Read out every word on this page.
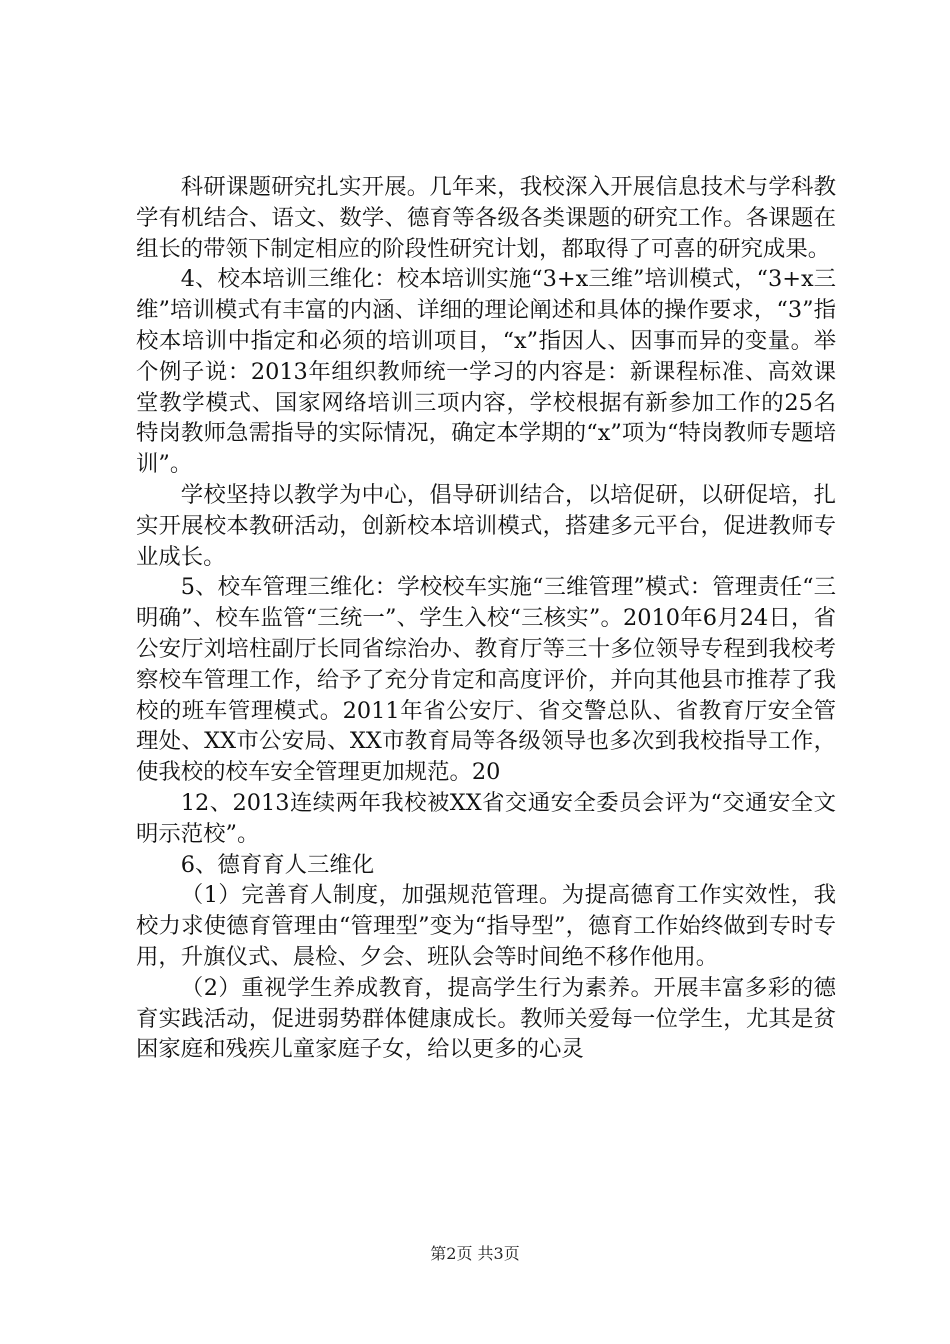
科研课题研究扎实开展。几年来，我校深入开展信息技术与学科教学有机结合、语文、数学、德育等各级各类课题的研究工作。各课题在组长的带领下制定相应的阶段性研究计划，都取得了可喜的研究成果。

4、校本培训三维化：校本培训实施“3+x三维”培训模式，“3+x三维”培训模式有丰富的内涵、详细的理论阐述和具体的操作要求，“3”指校本培训中指定和必须的培训项目，“x”指因人、因事而异的变量。举个例子说：2013年组织教师统一学习的内容是：新课程标准、高效课堂教学模式、国家网络培训三项内容，学校根据有新参加工作的25名特岗教师急需指导的实际情况，确定本学期的“x”项为“特岗教师专题培训”。

学校坚持以教学为中心，倡导研训结合，以培促研，以研促培，扎实开展校本教研活动，创新校本培训模式，搭建多元平台，促进教师专业成长。

5、校车管理三维化：学校校车实施“三维管理”模式：管理责任“三明确”、校车监管“三统一”、学生入校“三核实”。2010年6月24日，省公安厅刘培柱副厅长同省综治办、教育厅等三十多位领导专程到我校考察校车管理工作，给予了充分肯定和高度评价，并向其他县市推荐了我校的班车管理模式。2011年省公安厅、省交警总队、省教育厅安全管理处、XX市公安局、XX市教育局等各级领导也多次到我校指导工作，使我校的校车安全管理更加规范。20

12、2013连续两年我校被XX省交通安全委员会评为“交通安全文明示范校”。

6、德育育人三维化

（1）完善育人制度，加强规范管理。为提高德育工作实效性，我校力求使德育管理由“管理型”变为“指导型”，德育工作始终做到专时专用，升旗仪式、晨检、夕会、班队会等时间绝不移作他用。

（2）重视学生养成教育，提高学生行为素养。开展丰富多彩的德育实践活动，促进弱势群体健康成长。教师关爱每一位学生，尤其是贫困家庭和残疾儿童家庭子女，给以更多的心灵

第2页 共3页
